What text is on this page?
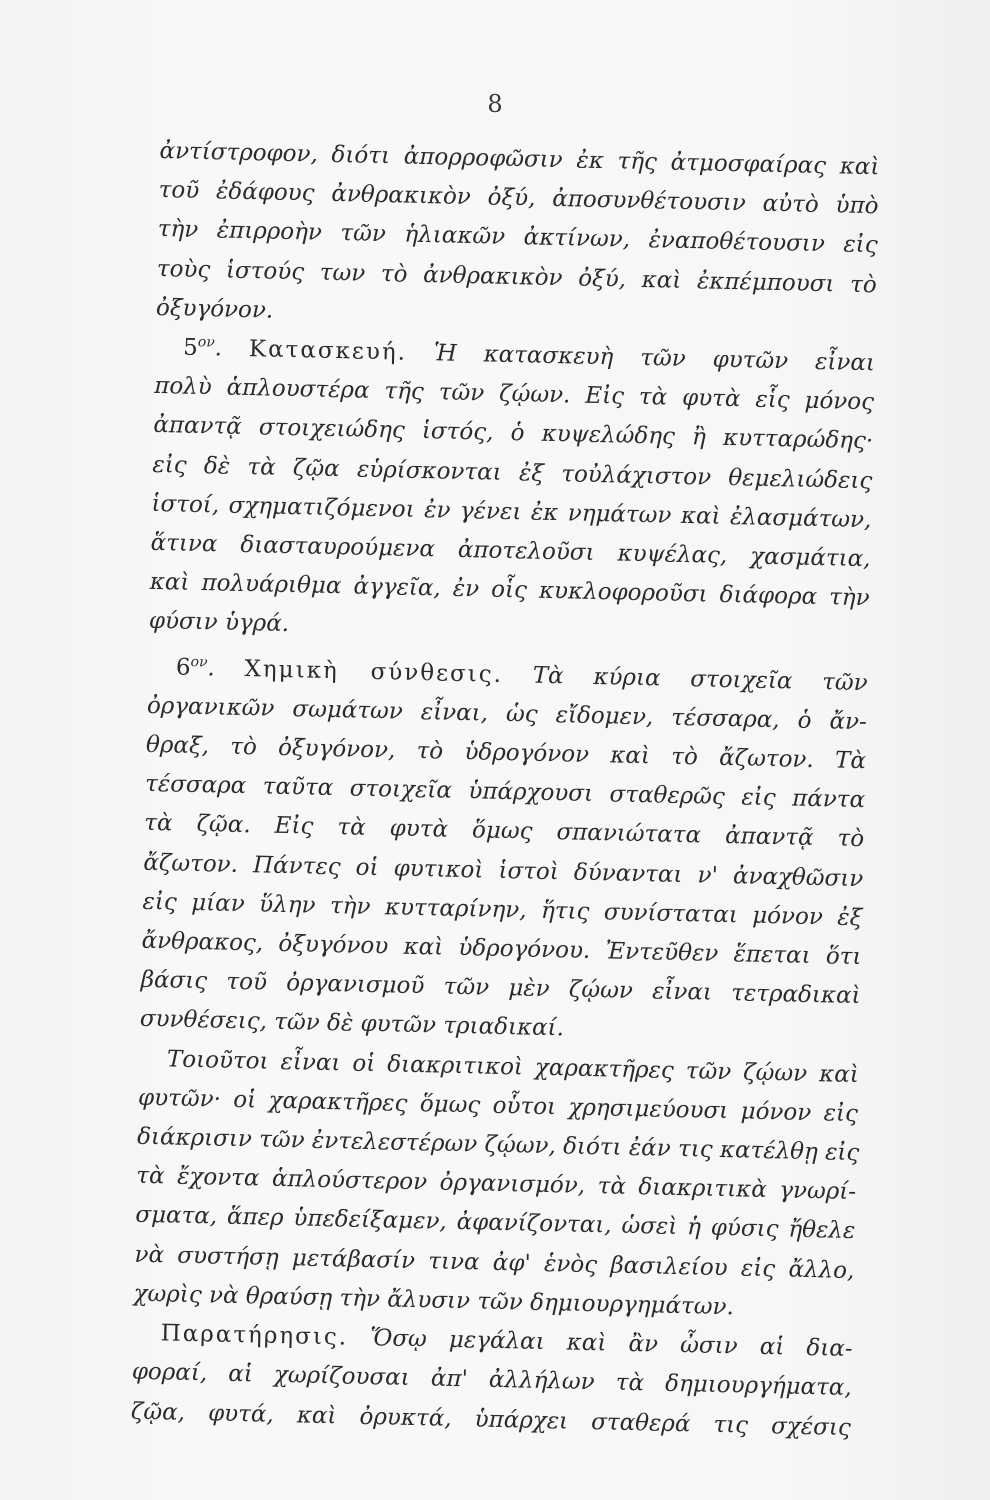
8
ἀντίστροφον, διότι ἀπορροφῶσιν ἐκ τῆς ἀτμοσφαίρας καὶ
τοῦ ἐδάφους ἀνθρακικὸν ὀξύ, ἀποσυνθέτουσιν αὐτὸ ὑπὸ
τὴν ἐπιρροὴν τῶν ἡλιακῶν ἀκτίνων, ἐναποθέτουσιν εἰς
τοὺς ἱστούς των τὸ ἀνθρακικὸν ὀξύ, καὶ ἐκπέμπουσι τὸ
ὀξυγόνον.
$5^{o\nu}$. Κατασκευή. Ἡ κατασκευὴ τῶν φυτῶν εἶναι
πολὺ ἁπλουστέρα τῆς τῶν ζῴων. Εἰς τὰ φυτὰ εἷς μόνος
ἀπαντᾷ στοιχειώδης ἱστός, ὁ κυψελώδης ἢ κυτταρώδης·
εἰς δὲ τὰ ζῷα εὑρίσκονται ἐξ τοὐλάχιστον θεμελιώδεις
ἱστοί, σχηματιζόμενοι ἐν γένει ἐκ νημάτων καὶ ἐλασμάτων,
ἅτινα διασταυρούμενα ἀποτελοῦσι κυψέλας, χασμάτια,
καὶ πολυάριθμα ἀγγεῖα, ἐν οἷς κυκλοφοροῦσι διάφορα τὴν
φύσιν ὑγρά.
$6^{o\nu}$. Χημικὴ σύνθεσις. Τὰ κύρια στοιχεῖα τῶν
ὀργανικῶν σωμάτων εἶναι, ὡς εἴδομεν, τέσσαρα, ὁ ἄν-
θραξ, τὸ ὀξυγόνον, τὸ ὑδρογόνον καὶ τὸ ἄζωτον. Τὰ
τέσσαρα ταῦτα στοιχεῖα ὑπάρχουσι σταθερῶς εἰς πάντα
τὰ ζῷα. Εἰς τὰ φυτὰ ὅμως σπανιώτατα ἀπαντᾷ τὸ
ἄζωτον. Πάντες οἱ φυτικοὶ ἱστοὶ δύνανται ν' ἀναχθῶσιν
εἰς μίαν ὕλην τὴν κυτταρίνην, ἥτις συνίσταται μόνον ἐξ
ἄνθρακος, ὀξυγόνου καὶ ὑδρογόνου. Ἐντεῦθεν ἕπεται ὅτι
βάσις τοῦ ὀργανισμοῦ τῶν μὲν ζῴων εἶναι τετραδικαὶ
συνθέσεις, τῶν δὲ φυτῶν τριαδικαί.
Τοιοῦτοι εἶναι οἱ διακριτικοὶ χαρακτῆρες τῶν ζῴων καὶ
φυτῶν· οἱ χαρακτῆρες ὅμως οὗτοι χρησιμεύουσι μόνον εἰς
διάκρισιν τῶν ἐντελεστέρων ζῴων, διότι ἐάν τις κατέλθῃ εἰς
τὰ ἔχοντα ἁπλούστερον ὀργανισμόν, τὰ διακριτικὰ γνωρί-
σματα, ἅπερ ὑπεδείξαμεν, ἀφανίζονται, ὡσεὶ ἡ φύσις ἤθελε
νὰ συστήσῃ μετάβασίν τινα ἀφ' ἑνὸς βασιλείου εἰς ἄλλο,
χωρὶς νὰ θραύσῃ τὴν ἄλυσιν τῶν δημιουργημάτων.
Παρατήρησις. Ὅσῳ μεγάλαι καὶ ἂν ὦσιν αἱ δια-
φοραί, αἱ χωρίζουσαι ἀπ' ἀλλήλων τὰ δημιουργήματα,
ζῷα, φυτά, καὶ ὀρυκτά, ὑπάρχει σταθερά τις σχέσις
